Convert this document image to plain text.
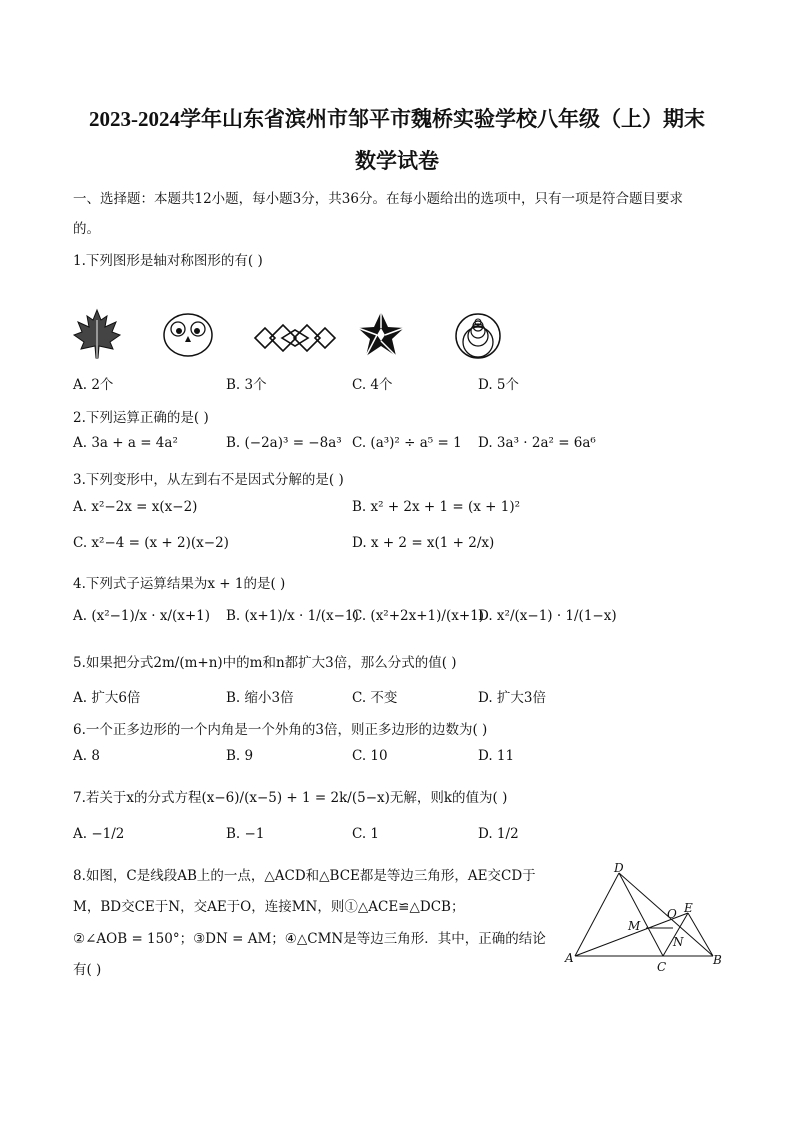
2023-2024学年山东省滨州市邹平市魏桥实验学校八年级（上）期末
数学试卷
一、选择题：本题共12小题，每小题3分，共36分。在每小题给出的选项中，只有一项是符合题目要求
的。
1.下列图形是轴对称图形的有( )
A. 2个	B. 3个	C. 4个	D. 5个
2.下列运算正确的是( )
A. 3a + a = 4a²	B. (−2a)³ = −8a³ C. (a³)² ÷ a⁵ = 1 D. 3a³ · 2a² = 6a⁶
3.下列变形中，从左到右不是因式分解的是( )
A. x²−2x = x(x−2)	B. x² + 2x + 1 = (x + 1)²
C. x²−4 = (x + 2)(x−2)	D. x + 2 = x(1 + 2/x)
4.下列式子运算结果为x + 1的是( )
A. (x²−1)/x · x/(x+1) B. (x+1)/x · 1/(x−1)
C. (x²+2x+1)/(x+1)
D. x²/(x−1) · 1/(1−x)
5.如果把分式2m/(m+n)中的m和n都扩大3倍，那么分式的值( )
A. 扩大6倍	B. 缩小3倍	C. 不变	D. 扩大3倍
6.一个正多边形的一个内角是一个外角的3倍，则正多边形的边数为( )
A. 8	B. 9	C. 10	D. 11
7.若关于x的分式方程(x−6)/(x−5) + 1 = 2k/(5−x)无解，则k的值为( )
A. −1/2	B. −1	C. 1	D. 1/2
8.如图，C是线段AB上的一点，△ACD和△BCE都是等边三角形，AE交CD于
M，BD交CE于N，交AE于O，连接MN，则①△ACE≌△DCB；
②∠AOB = 150°；③DN = AM；④△CMN是等边三角形．其中，正确的结论
有( )
D
E
O
M
N
A
C	B
